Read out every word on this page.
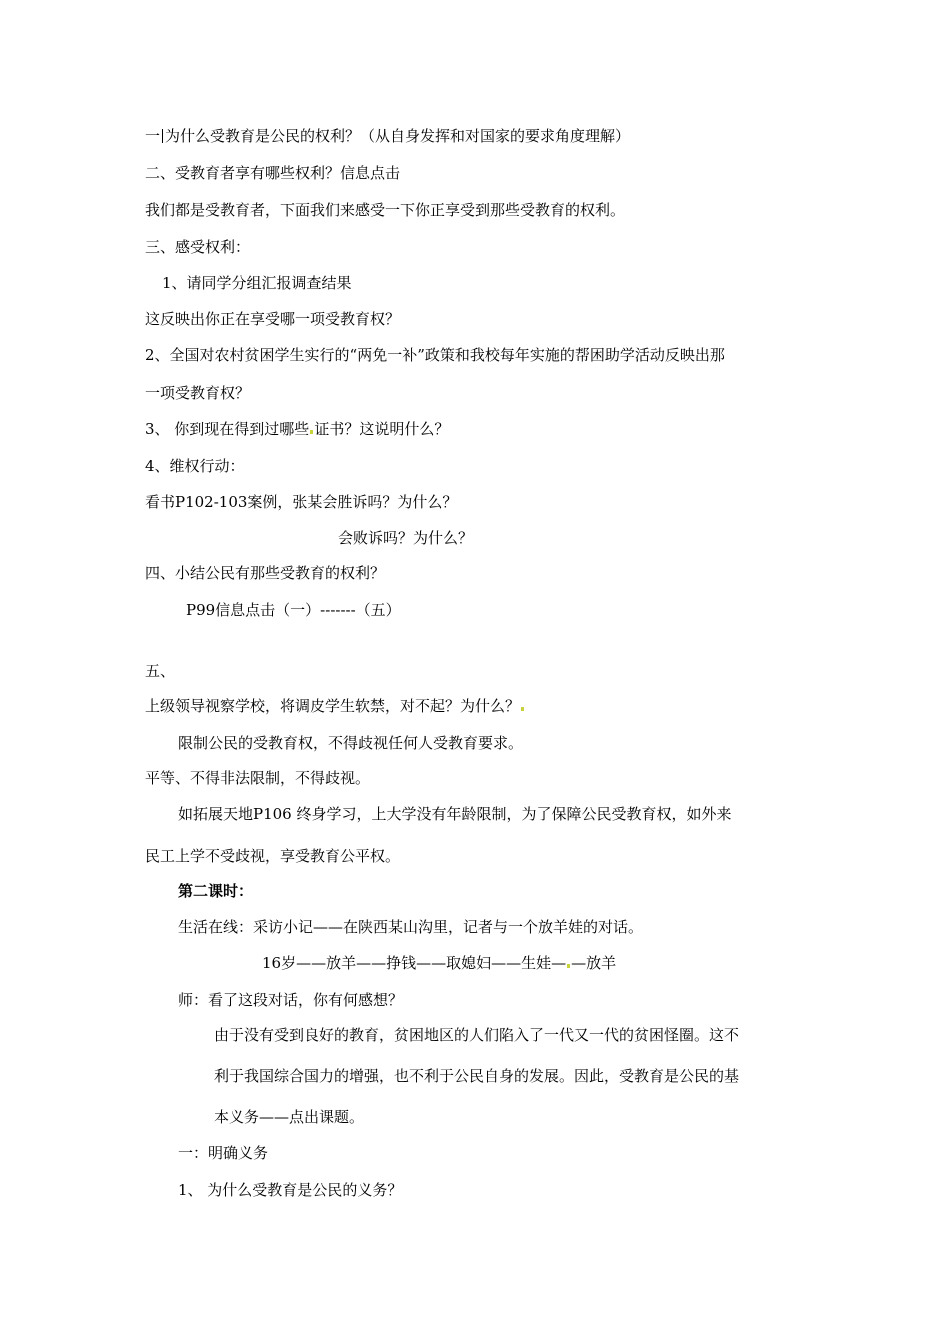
一 为什么受教育是公民的权利？（从自身发挥和对国家的要求角度理解）
二、受教育者享有哪些权利？信息点击
我们都是受教育者，下面我们来感受一下你正享受到那些受教育的权利。
三、感受权利：
1、请同学分组汇报调查结果
这反映出你正在享受哪一项受教育权？
2、全国对农村贫困学生实行的“两免一补”政策和我校每年实施的帮困助学活动反映出那
一项受教育权？
3、 你到现在得到过哪些 证书？这说明什么？
4、维权行动：
看书P102-103案例，张某会胜诉吗？为什么？
会败诉吗？为什么？
四、小结公民有那些受教育的权利？
P99信息点击（一）-------（五）
五、
上级领导视察学校，将调皮学生软禁，对不起？为什么？
限制公民的受教育权，不得歧视任何人受教育要求。
平等、不得非法限制，不得歧视。
如拓展天地P106 终身学习，上大学没有年龄限制，为了保障公民受教育权，如外来
民工上学不受歧视，享受教育公平权。
第二课时：
生活在线：采访小记——在陕西某山沟里，记者与一个放羊娃的对话。
16岁——放羊——挣钱——取媳妇——生娃— —放羊
师：看了这段对话，你有何感想？
由于没有受到良好的教育，贫困地区的人们陷入了一代又一代的贫困怪圈。这不
利于我国综合国力的增强，也不利于公民自身的发展。因此，受教育是公民的基
本义务——点出课题。
一：明确义务
1、 为什么受教育是公民的义务？
